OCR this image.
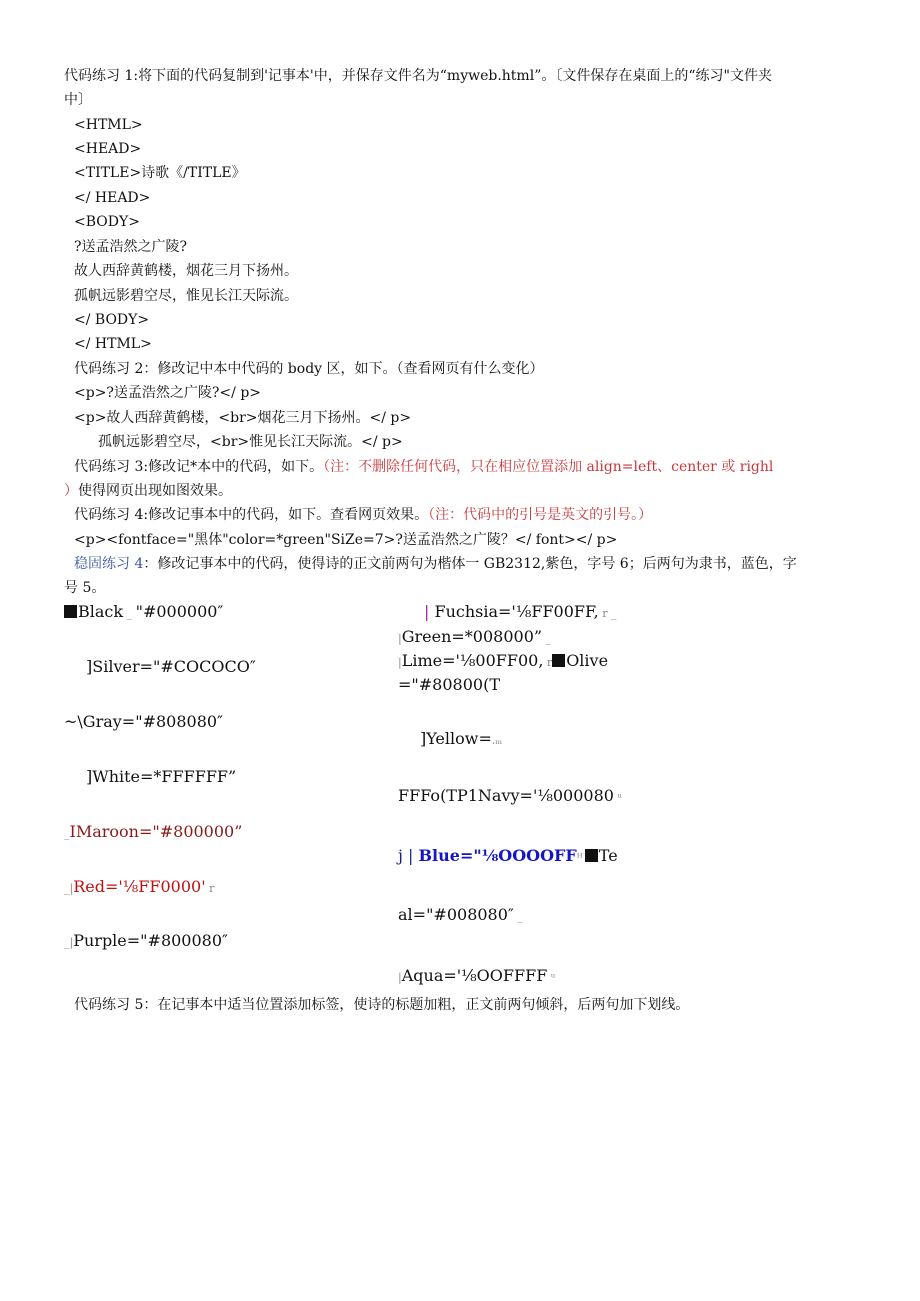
代码练习 1:将下面的代码复制到'记事本'中，并保存文件名为“myweb.html”。〔文件保存在桌面上的“练习"文件夹
中〕
<HTML>
<HEAD>
<TITLE>诗歌《/TITLE》
</ HEAD>
<BODY>
?送孟浩然之广陵?
故人西辞黄鹤楼，烟花三月下扬州。
孤帆远影碧空尽，惟见长江天际流。
</ BODY>
</ HTML>
代码练习 2：修改记中本中代码的 body 区，如下。（查看网页有什么变化）
<p>?送孟浩然之广陵?</ p>
<p>故人西辞黄鹤楼，<br>烟花三月下扬州。</ p>
孤帆远影碧空尽，<br>惟见长江天际流。</ p>
代码练习 3:修改记*本中的代码，如下。（注：不删除任何代码，只在相应位置添加 align=left、center 或 righl
）使得网页出现如图效果。
代码练习 4:修改记事本中的代码，如下。查看网页效果。（注：代码中的引号是英文的引号。）
<p><fontface="黑体"color=*green"SiZe=7>?送孟浩然之广陵？</ font></ p>
稳固练习 4：修改记事本中的代码，使得诗的正文前两句为楷体一 GB2312,紫色，字号 6；后两句为隶书，蓝色，字
号 5。
Black _ "#000000″
]Silver="#COCOCO″
~\Gray="#808080″
]White=*FFFFFF”
_IMaroon="#800000”
_|Red='⅛FF0000' r
_|Purple="#800080″
| Fuchsia='⅛FF00FF, r _
|Green=*008000” _
|Lime='⅛00FF00, r Olive
="#80800(T
]Yellow=.ₘ
FFFo(TP1Navy='⅛000080 ᵘ
j | Blue="⅛OOOOFFᴴ Te
al="#008080″ _
|Aqua='⅛OOFFFF ᵘ
代码练习 5：在记事本中适当位置添加标签，使诗的标题加粗，正文前两句倾斜，后两句加下划线。
